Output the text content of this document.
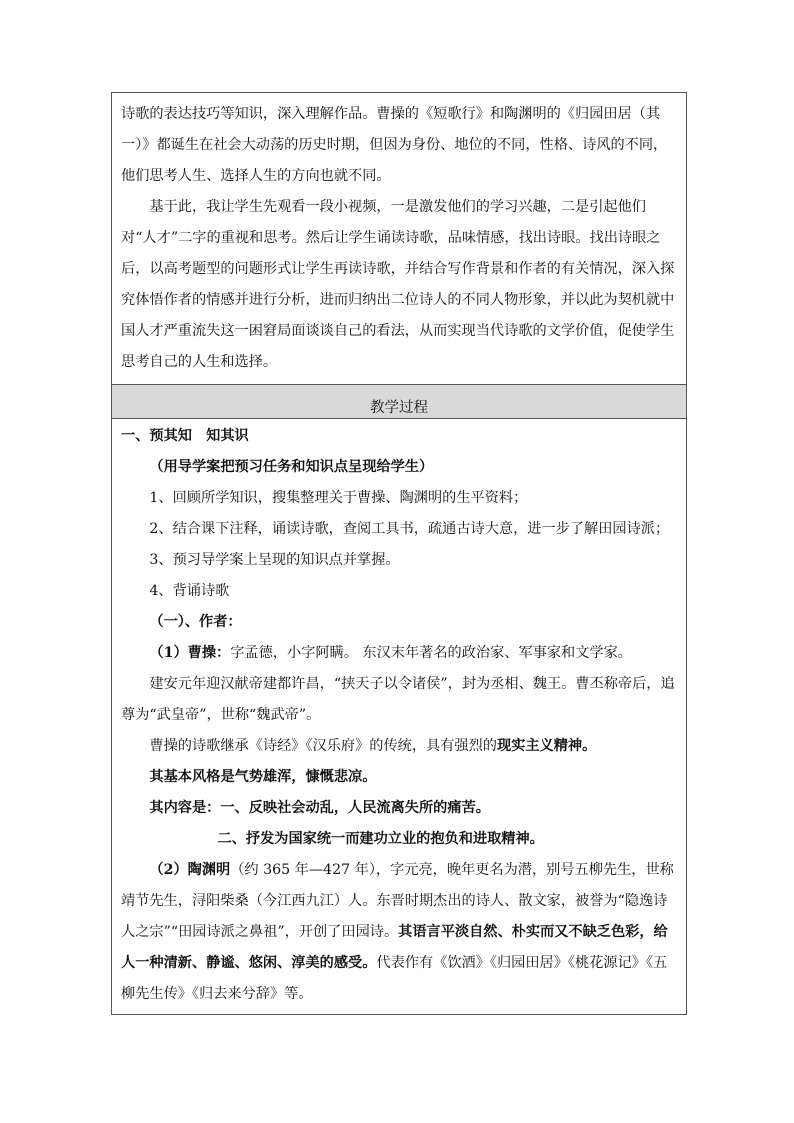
诗歌的表达技巧等知识，深入理解作品。曹操的《短歌行》和陶渊明的《归园田居（其一）》都诞生在社会大动荡的历史时期，但因为身份、地位的不同，性格、诗风的不同，他们思考人生、选择人生的方向也就不同。

基于此，我让学生先观看一段小视频，一是激发他们的学习兴趣，二是引起他们对“人才”二字的重视和思考。然后让学生诵读诗歌，品味情感，找出诗眼。找出诗眼之后，以高考题型的问题形式让学生再读诗歌，并结合写作背景和作者的有关情况，深入探究体悟作者的情感并进行分析，进而归纳出二位诗人的不同人物形象，并以此为契机就中国人才严重流失这一困窘局面谈谈自己的看法，从而实现当代诗歌的文学价值，促使学生思考自己的人生和选择。

教学过程

一、预其知　知其识

（用导学案把预习任务和知识点呈现给学生）

1、回顾所学知识，搜集整理关于曹操、陶渊明的生平资料；

2、结合课下注释，诵读诗歌，查阅工具书，疏通古诗大意，进一步了解田园诗派；

3、预习导学案上呈现的知识点并掌握。

4、背诵诗歌

（一）、作者：

（1）曹操：字孟德，小字阿瞒。 东汉末年著名的政治家、军事家和文学家。

建安元年迎汉献帝建都许昌，“挟天子以令诸侯”，封为丞相、魏王。曹丕称帝后，追尊为“武皇帝”，世称“魏武帝”。

曹操的诗歌继承《诗经》《汉乐府》的传统，具有强烈的现实主义精神。

其基本风格是气势雄浑，慷慨悲凉。

其内容是：一、反映社会动乱，人民流离失所的痛苦。

二、抒发为国家统一而建功立业的抱负和进取精神。

（2）陶渊明（约 365 年—427 年），字元亮，晚年更名为潜，别号五柳先生，世称靖节先生，浔阳柴桑（今江西九江）人。东晋时期杰出的诗人、散文家，被誉为“隐逸诗人之宗”“田园诗派之鼻祖”，开创了田园诗。其语言平淡自然、朴实而又不缺乏色彩，给人一种清新、静谧、悠闲、淳美的感受。代表作有《饮酒》《归园田居》《桃花源记》《五柳先生传》《归去来兮辞》等。
